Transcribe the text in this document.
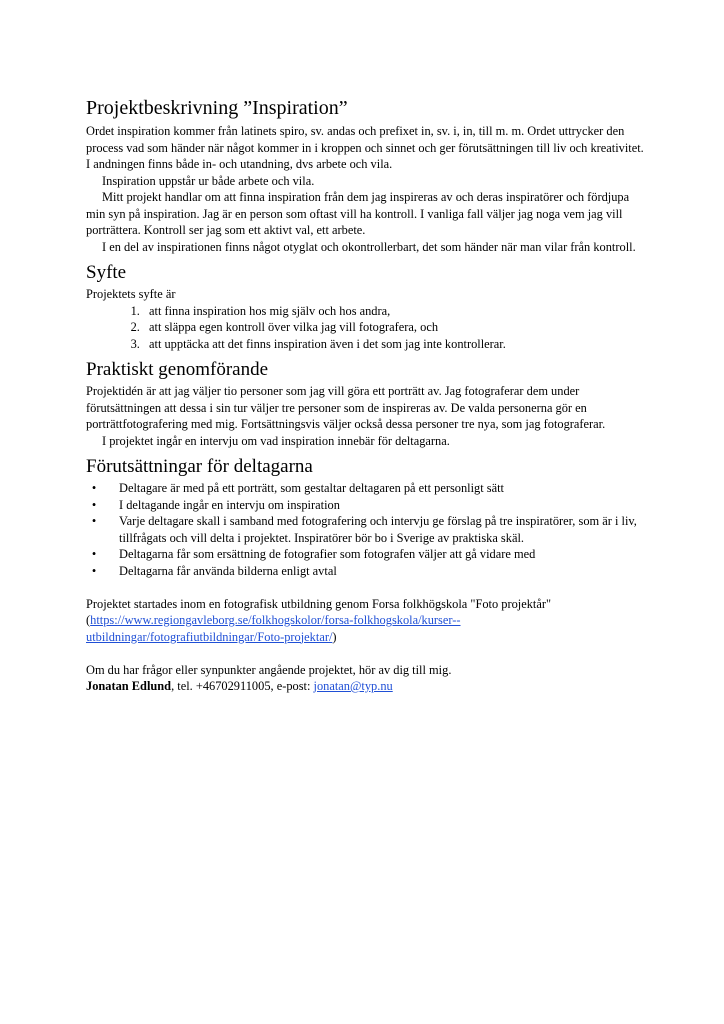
Projektbeskrivning ”Inspiration”

Ordet inspiration kommer från latinets spiro, sv. andas och prefixet in, sv. i, in, till m. m. Ordet uttrycker den process vad som händer när något kommer in i kroppen och sinnet och ger förutsättningen till liv och kreativitet. I andningen finns både in- och utandning, dvs arbete och vila.

Inspiration uppstår ur både arbete och vila.

Mitt projekt handlar om att finna inspiration från dem jag inspireras av och deras inspiratörer och fördjupa min syn på inspiration. Jag är en person som oftast vill ha kontroll. I vanliga fall väljer jag noga vem jag vill porträttera. Kontroll ser jag som ett aktivt val, ett arbete.

I en del av inspirationen finns något otyglat och okontrollerbart, det som händer när man vilar från kontroll.

Syfte

Projektets syfte är

1. att finna inspiration hos mig själv och hos andra,
2. att släppa egen kontroll över vilka jag vill fotografera, och
3. att upptäcka att det finns inspiration även i det som jag inte kontrollerar.
Praktiskt genomförande

Projektidén är att jag väljer tio personer som jag vill göra ett porträtt av. Jag fotograferar dem under förutsättningen att dessa i sin tur väljer tre personer som de inspireras av. De valda personerna gör en porträttfotografering med mig. Fortsättningsvis väljer också dessa personer tre nya, som jag fotograferar.

I projektet ingår en intervju om vad inspiration innebär för deltagarna.

Förutsättningar för deltagarna
• Deltagare är med på ett porträtt, som gestaltar deltagaren på ett personligt sätt
• I deltagande ingår en intervju om inspiration
• Varje deltagare skall i samband med fotografering och intervju ge förslag på tre inspiratörer, som är i liv, tillfrågats och vill delta i projektet. Inspiratörer bör bo i Sverige av praktiska skäl.
• Deltagarna får som ersättning de fotografier som fotografen väljer att gå vidare med
• Deltagarna får använda bilderna enligt avtal

Projektet startades inom en fotografisk utbildning genom Forsa folkhögskola "Foto projektår"
(https://www.regiongavleborg.se/folkhogskolor/forsa-folkhogskola/kurser--utbildningar/fotografiutbildningar/Foto-projektar/)

Om du har frågor eller synpunkter angående projektet, hör av dig till mig.

Jonatan Edlund, tel. +46702911005, e-post: jonatan@typ.nu
